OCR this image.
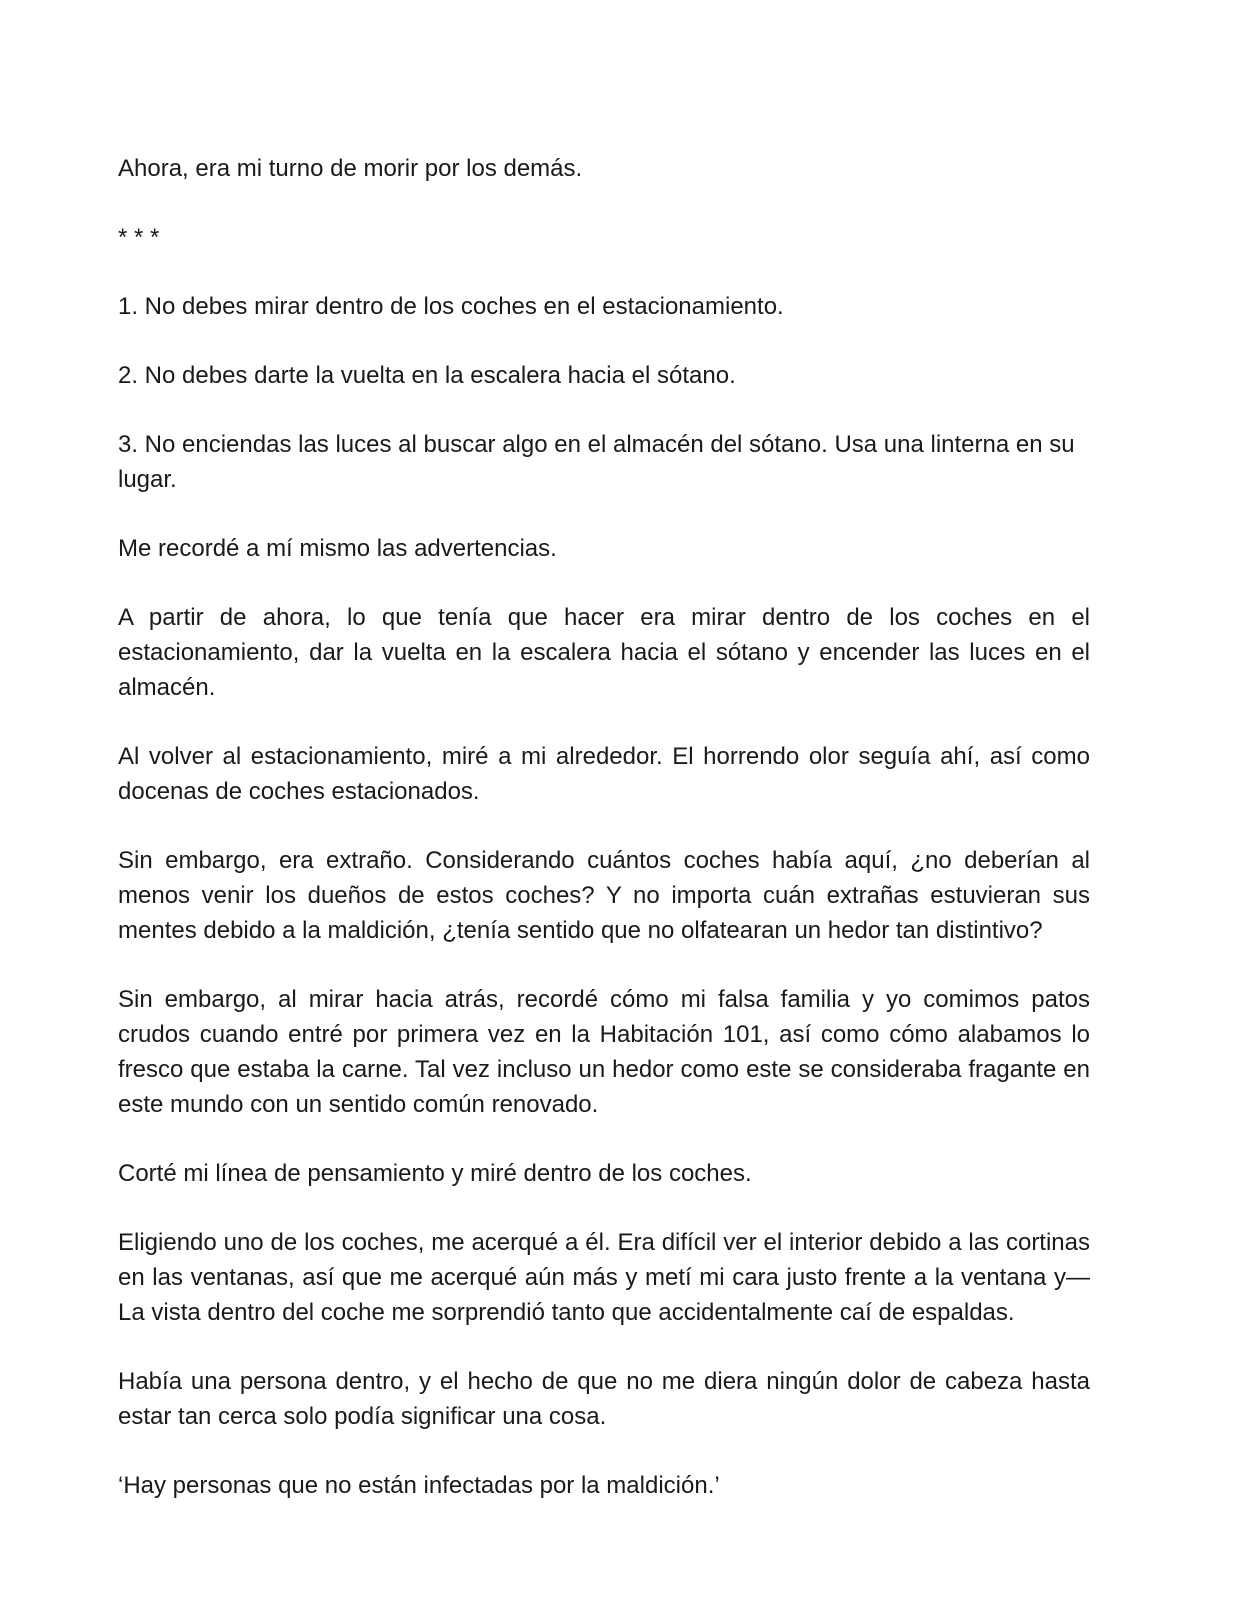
Ahora, era mi turno de morir por los demás.

* * *

1. No debes mirar dentro de los coches en el estacionamiento.

2. No debes darte la vuelta en la escalera hacia el sótano.

3. No enciendas las luces al buscar algo en el almacén del sótano. Usa una linterna en su lugar.

Me recordé a mí mismo las advertencias.

A partir de ahora, lo que tenía que hacer era mirar dentro de los coches en el estacionamiento, dar la vuelta en la escalera hacia el sótano y encender las luces en el almacén.

Al volver al estacionamiento, miré a mi alrededor. El horrendo olor seguía ahí, así como docenas de coches estacionados.

Sin embargo, era extraño. Considerando cuántos coches había aquí, ¿no deberían al menos venir los dueños de estos coches? Y no importa cuán extrañas estuvieran sus mentes debido a la maldición, ¿tenía sentido que no olfatearan un hedor tan distintivo?

Sin embargo, al mirar hacia atrás, recordé cómo mi falsa familia y yo comimos patos crudos cuando entré por primera vez en la Habitación 101, así como cómo alabamos lo fresco que estaba la carne. Tal vez incluso un hedor como este se consideraba fragante en este mundo con un sentido común renovado.

Corté mi línea de pensamiento y miré dentro de los coches.

Eligiendo uno de los coches, me acerqué a él. Era difícil ver el interior debido a las cortinas en las ventanas, así que me acerqué aún más y metí mi cara justo frente a la ventana y— La vista dentro del coche me sorprendió tanto que accidentalmente caí de espaldas.

Había una persona dentro, y el hecho de que no me diera ningún dolor de cabeza hasta estar tan cerca solo podía significar una cosa.

‘Hay personas que no están infectadas por la maldición.’
